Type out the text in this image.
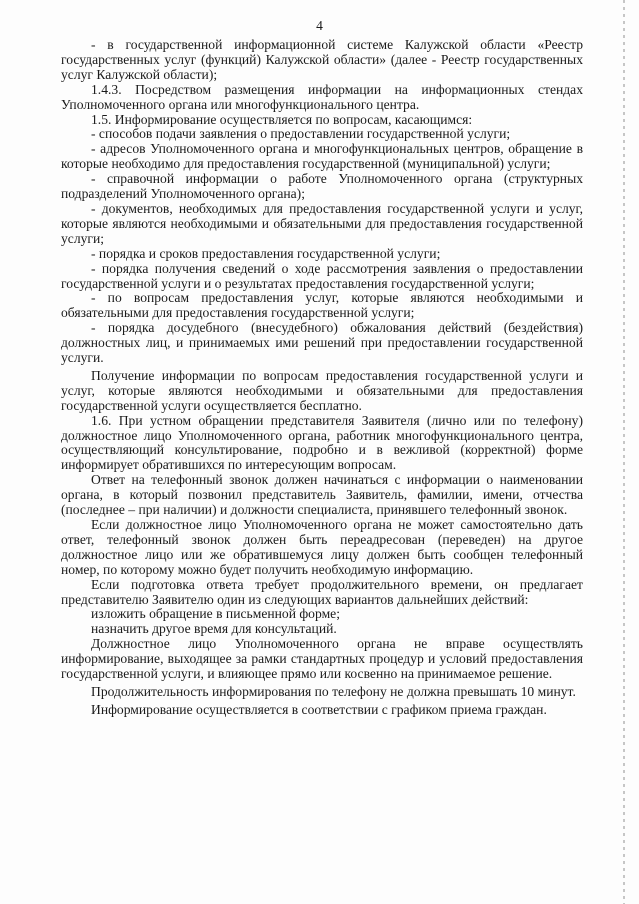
4

- в государственной информационной системе Калужской области «Реестр государственных услуг (функций) Калужской области» (далее - Реестр государственных услуг Калужской области);

1.4.3. Посредством размещения информации на информационных стендах Уполномоченного органа или многофункционального центра.

1.5. Информирование осуществляется по вопросам, касающимся:

- способов подачи заявления о предоставлении государственной услуги;

- адресов Уполномоченного органа и многофункциональных центров, обращение в которые необходимо для предоставления государственной (муниципальной) услуги;

- справочной информации о работе Уполномоченного органа (структурных подразделений Уполномоченного органа);

- документов, необходимых для предоставления государственной услуги и услуг, которые являются необходимыми и обязательными для предоставления государственной услуги;

- порядка и сроков предоставления государственной услуги;

- порядка получения сведений о ходе рассмотрения заявления о предоставлении государственной услуги и о результатах предоставления государственной услуги;

- по вопросам предоставления услуг, которые являются необходимыми и обязательными для предоставления государственной услуги;

- порядка досудебного (внесудебного) обжалования действий (бездействия) должностных лиц, и принимаемых ими решений при предоставлении государственной услуги.

Получение информации по вопросам предоставления государственной услуги и услуг, которые являются необходимыми и обязательными для предоставления государственной услуги осуществляется бесплатно.

1.6. При устном обращении представителя Заявителя (лично или по телефону) должностное лицо Уполномоченного органа, работник многофункционального центра, осуществляющий консультирование, подробно и в вежливой (корректной) форме информирует обратившихся по интересующим вопросам.

Ответ на телефонный звонок должен начинаться с информации о наименовании органа, в который позвонил представитель Заявитель, фамилии, имени, отчества (последнее – при наличии) и должности специалиста, принявшего телефонный звонок.

Если должностное лицо Уполномоченного органа не может самостоятельно дать ответ, телефонный звонок должен быть переадресован (переведен) на другое должностное лицо или же обратившемуся лицу должен быть сообщен телефонный номер, по которому можно будет получить необходимую информацию.

Если подготовка ответа требует продолжительного времени, он предлагает представителю Заявителю один из следующих вариантов дальнейших действий:

изложить обращение в письменной форме;

назначить другое время для консультаций.

Должностное лицо Уполномоченного органа не вправе осуществлять информирование, выходящее за рамки стандартных процедур и условий предоставления государственной услуги, и влияющее прямо или косвенно на принимаемое решение.

Продолжительность информирования по телефону не должна превышать 10 минут.

Информирование осуществляется в соответствии с графиком приема граждан.
